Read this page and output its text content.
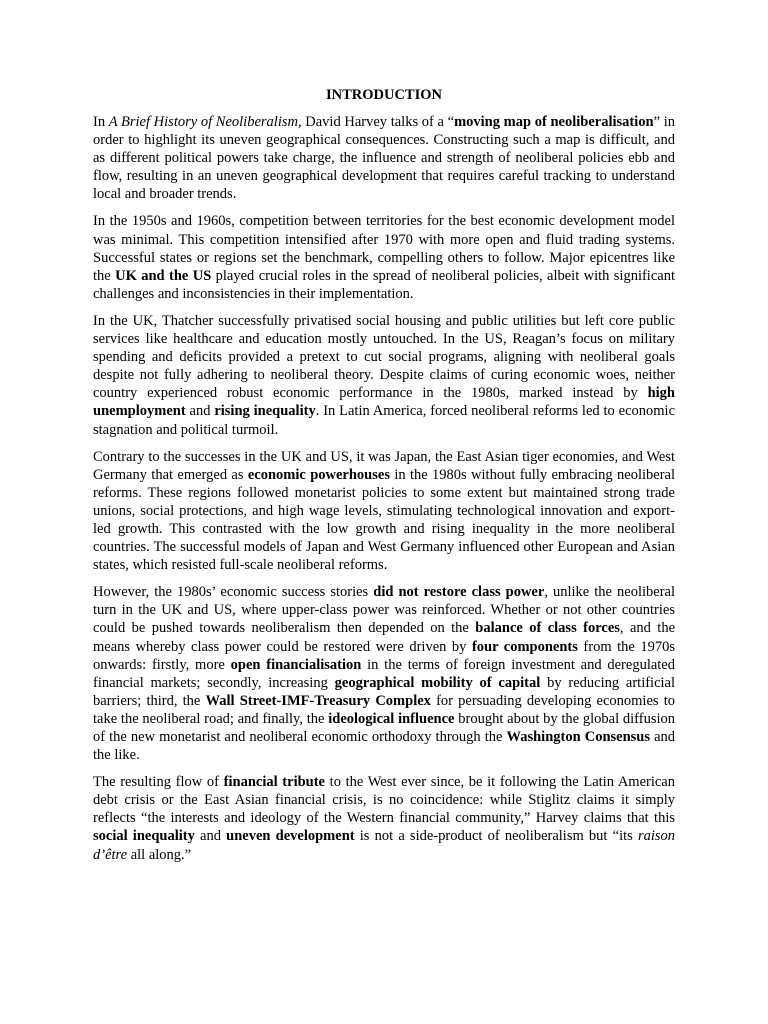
INTRODUCTION

In A Brief History of Neoliberalism, David Harvey talks of a “moving map of neoliberalisation” in order to highlight its uneven geographical consequences. Constructing such a map is difficult, and as different political powers take charge, the influence and strength of neoliberal policies ebb and flow, resulting in an uneven geographical development that requires careful tracking to understand local and broader trends.

In the 1950s and 1960s, competition between territories for the best economic development model was minimal. This competition intensified after 1970 with more open and fluid trading systems. Successful states or regions set the benchmark, compelling others to follow. Major epicentres like the UK and the US played crucial roles in the spread of neoliberal policies, albeit with significant challenges and inconsistencies in their implementation.

In the UK, Thatcher successfully privatised social housing and public utilities but left core public services like healthcare and education mostly untouched. In the US, Reagan’s focus on military spending and deficits provided a pretext to cut social programs, aligning with neoliberal goals despite not fully adhering to neoliberal theory. Despite claims of curing economic woes, neither country experienced robust economic performance in the 1980s, marked instead by high unemployment and rising inequality. In Latin America, forced neoliberal reforms led to economic stagnation and political turmoil.

Contrary to the successes in the UK and US, it was Japan, the East Asian tiger economies, and West Germany that emerged as economic powerhouses in the 1980s without fully embracing neoliberal reforms. These regions followed monetarist policies to some extent but maintained strong trade unions, social protections, and high wage levels, stimulating technological innovation and export-led growth. This contrasted with the low growth and rising inequality in the more neoliberal countries. The successful models of Japan and West Germany influenced other European and Asian states, which resisted full-scale neoliberal reforms.

However, the 1980s’ economic success stories did not restore class power, unlike the neoliberal turn in the UK and US, where upper-class power was reinforced. Whether or not other countries could be pushed towards neoliberalism then depended on the balance of class forces, and the means whereby class power could be restored were driven by four components from the 1970s onwards: firstly, more open financialisation in the terms of foreign investment and deregulated financial markets; secondly, increasing geographical mobility of capital by reducing artificial barriers; third, the Wall Street-IMF-Treasury Complex for persuading developing economies to take the neoliberal road; and finally, the ideological influence brought about by the global diffusion of the new monetarist and neoliberal economic orthodoxy through the Washington Consensus and the like.

The resulting flow of financial tribute to the West ever since, be it following the Latin American debt crisis or the East Asian financial crisis, is no coincidence: while Stiglitz claims it simply reflects “the interests and ideology of the Western financial community,” Harvey claims that this social inequality and uneven development is not a side-product of neoliberalism but “its raison d’être all along.”
